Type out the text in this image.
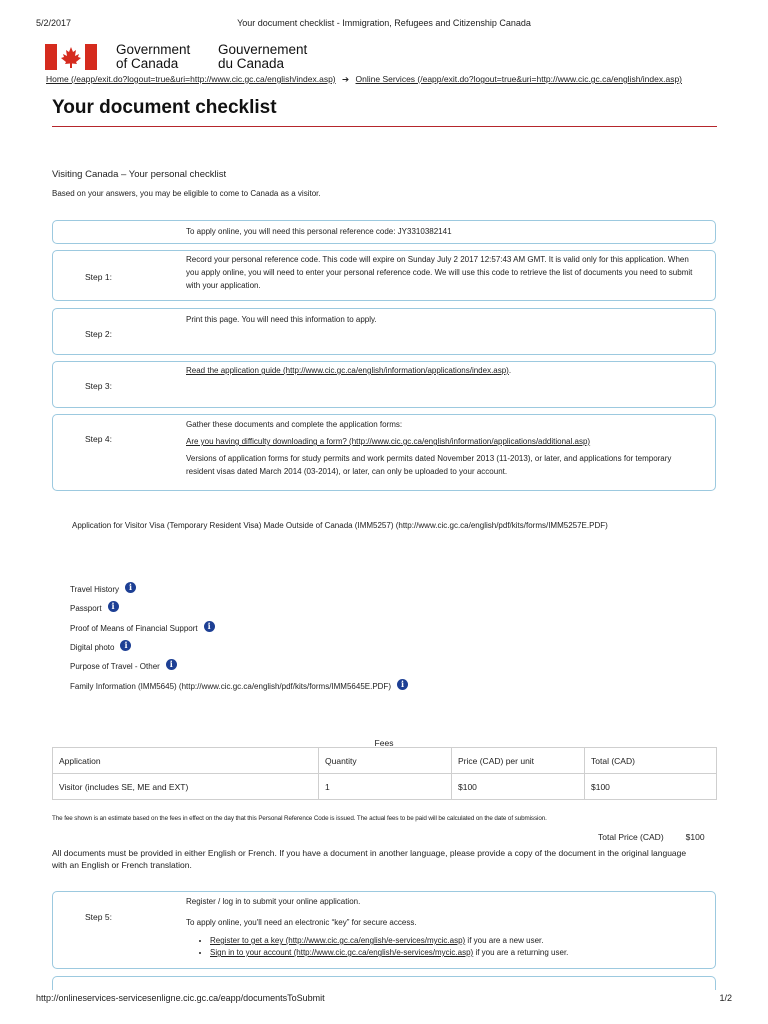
5/2/2017	Your document checklist - Immigration, Refugees and Citizenship Canada
Government
of Canada
Gouvernement
du Canada
Home (/eapp/exit.do?logout=true&uri=http://www.cic.gc.ca/english/index.asp) ➔ Online Services (/eapp/exit.do?logout=true&uri=http://www.cic.gc.ca/english/index.asp)
Your document checklist
Visiting Canada – Your personal checklist
Based on your answers, you may be eligible to come to Canada as a visitor.
To apply online, you will need this personal reference code: JY3310382141
Step 1:
Record your personal reference code. This code will expire on Sunday July 2 2017 12:57:43 AM GMT. It is valid only for this application. When you apply online, you will need to enter your personal reference code. We will use this code to retrieve the list of documents you need to submit with your application.
Step 2:
Print this page. You will need this information to apply.
Step 3:
Read the application guide (http://www.cic.gc.ca/english/information/applications/index.asp).
Step 4:

Gather these documents and complete the application forms:

Are you having difficulty downloading a form? (http://www.cic.gc.ca/english/information/applications/additional.asp)

Versions of application forms for study permits and work permits dated November 2013 (11-2013), or later, and applications for temporary resident visas dated March 2014 (03-2014), or later, can only be uploaded to your account.

Application for Visitor Visa (Temporary Resident Visa) Made Outside of Canada (IMM5257) (http://www.cic.gc.ca/english/pdf/kits/forms/IMM5257E.PDF)
Travel History i
Passport i
Proof of Means of Financial Support i
Digital photo i
Purpose of Travel - Other i
Family Information (IMM5645) (http://www.cic.gc.ca/english/pdf/kits/forms/IMM5645E.PDF) i
Fees
Application	Quantity	Price (CAD) per unit	Total (CAD)
Visitor (includes SE, ME and EXT)	1	$100	$100
The fee shown is an estimate based on the fees in effect on the day that this Personal Reference Code is issued. The actual fees to be paid will be calculated on the date of submission.
Total Price (CAD)	$100
All documents must be provided in either English or French. If you have a document in another language, please provide a copy of the document in the original language with an English or French translation.
Step 5:

Register / log in to submit your online application.

To apply online, you'll need an electronic “key” for secure access.

• Register to get a key (http://www.cic.gc.ca/english/e-services/mycic.asp) if you are a new user.
• Sign in to your account (http://www.cic.gc.ca/english/e-services/mycic.asp) if you are a returning user.
http://onlineservices-servicesenligne.cic.gc.ca/eapp/documentsToSubmit	1/2
